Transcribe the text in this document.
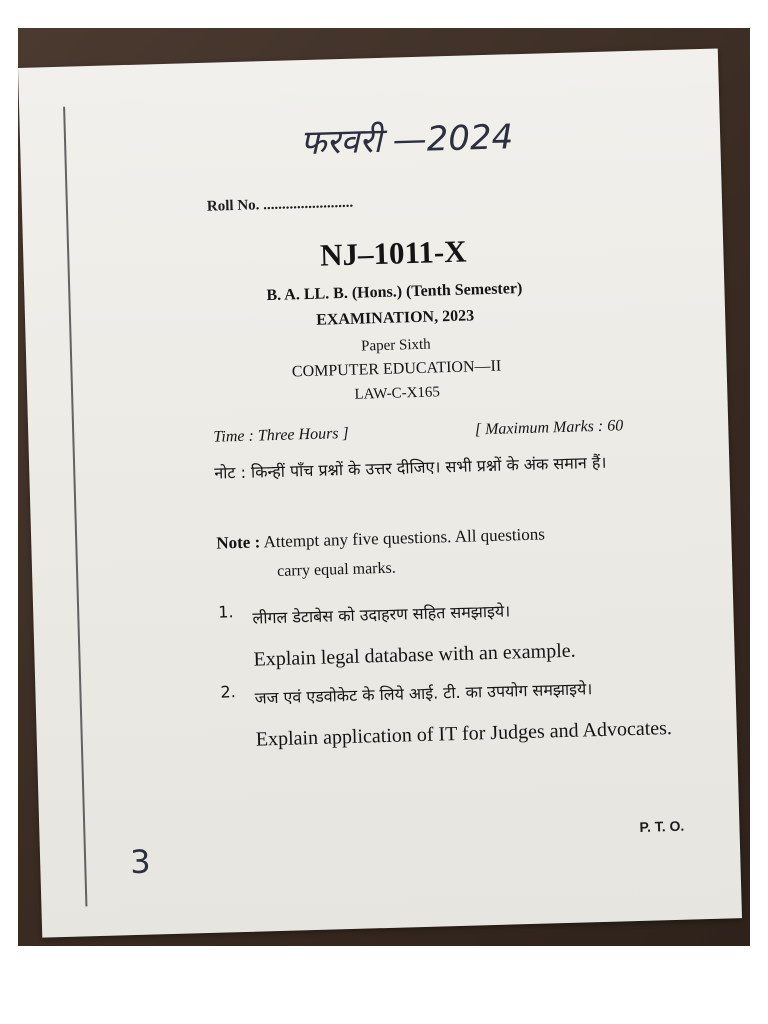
फरवरी —2024
Roll No. ........................
NJ–1011-X
B. A. LL. B. (Hons.) (Tenth Semester)
EXAMINATION, 2023
Paper Sixth
COMPUTER EDUCATION—II
LAW-C-X165
Time : Three Hours ]	[ Maximum Marks : 60
नोट : किन्हीं पाँच प्रश्नों के उत्तर दीजिए। सभी प्रश्नों के अंक समान हैं।
Note : Attempt any five questions. All questions
carry equal marks.
1.	लीगल डेटाबेस को उदाहरण सहित समझाइये।
Explain legal database with an example.
2.	जज एवं एडवोकेट के लिये आई. टी. का उपयोग समझाइये।
Explain application of IT for Judges and Advocates.
P. T. O.
3
